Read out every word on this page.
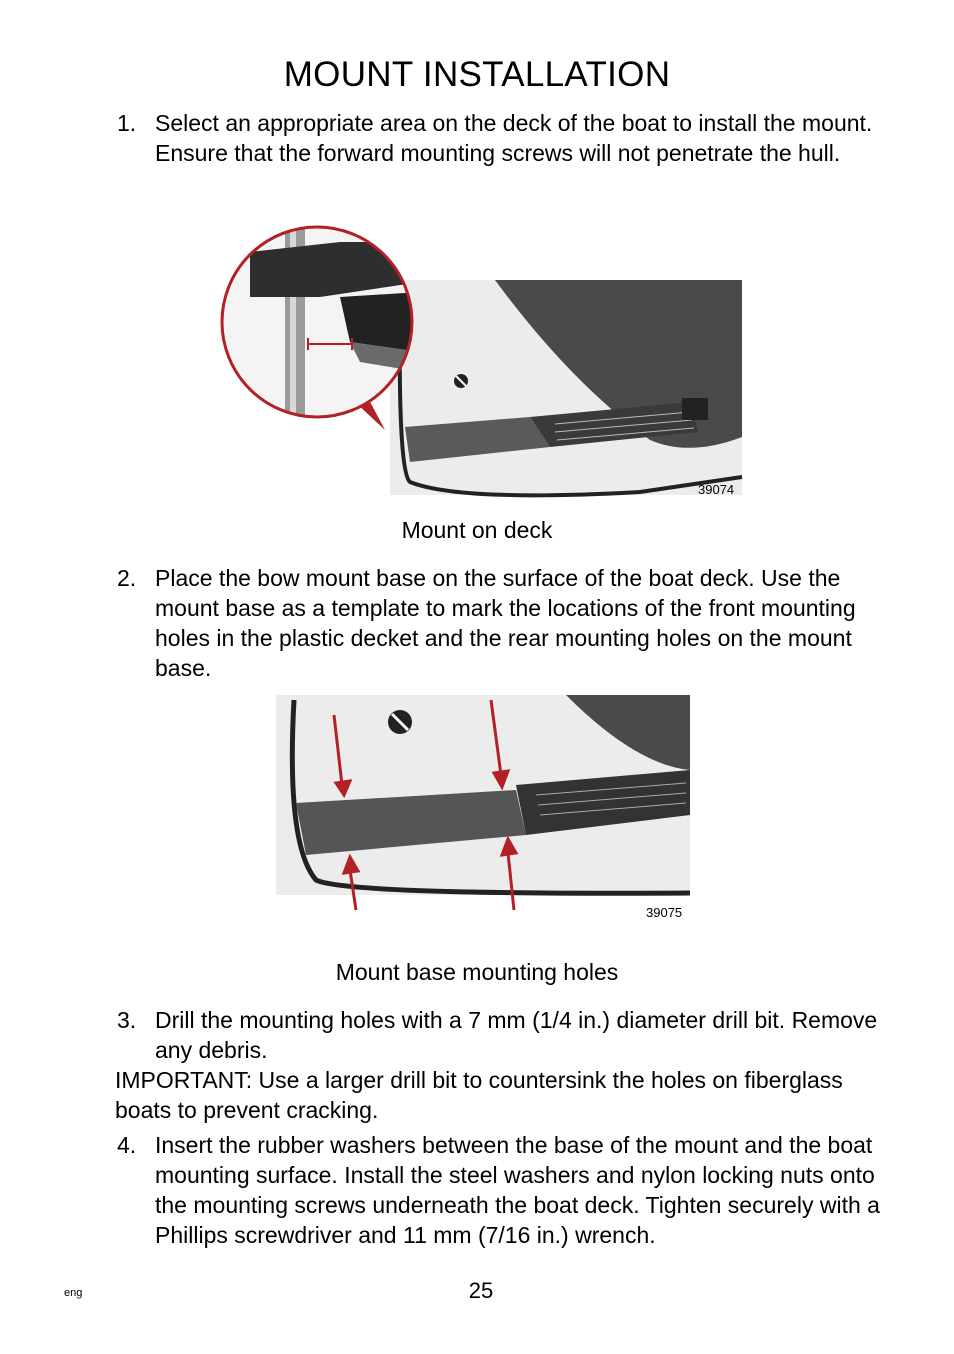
MOUNT INSTALLATION
1. Select an appropriate area on the deck of the boat to install the mount. Ensure that the forward mounting screws will not penetrate the hull.
39074
Mount on deck
2. Place the bow mount base on the surface of the boat deck. Use the mount base as a template to mark the locations of the front mounting holes in the plastic decket and the rear mounting holes on the mount base.
39075
Mount base mounting holes
3. Drill the mounting holes with a 7 mm (1/4 in.) diameter drill bit. Remove any debris.
IMPORTANT: Use a larger drill bit to countersink the holes on fiberglass boats to prevent cracking.
4. Insert the rubber washers between the base of the mount and the boat mounting surface. Install the steel washers and nylon locking nuts onto the mounting screws underneath the boat deck. Tighten securely with a Phillips screwdriver and 11 mm (7/16 in.) wrench.
eng	25
